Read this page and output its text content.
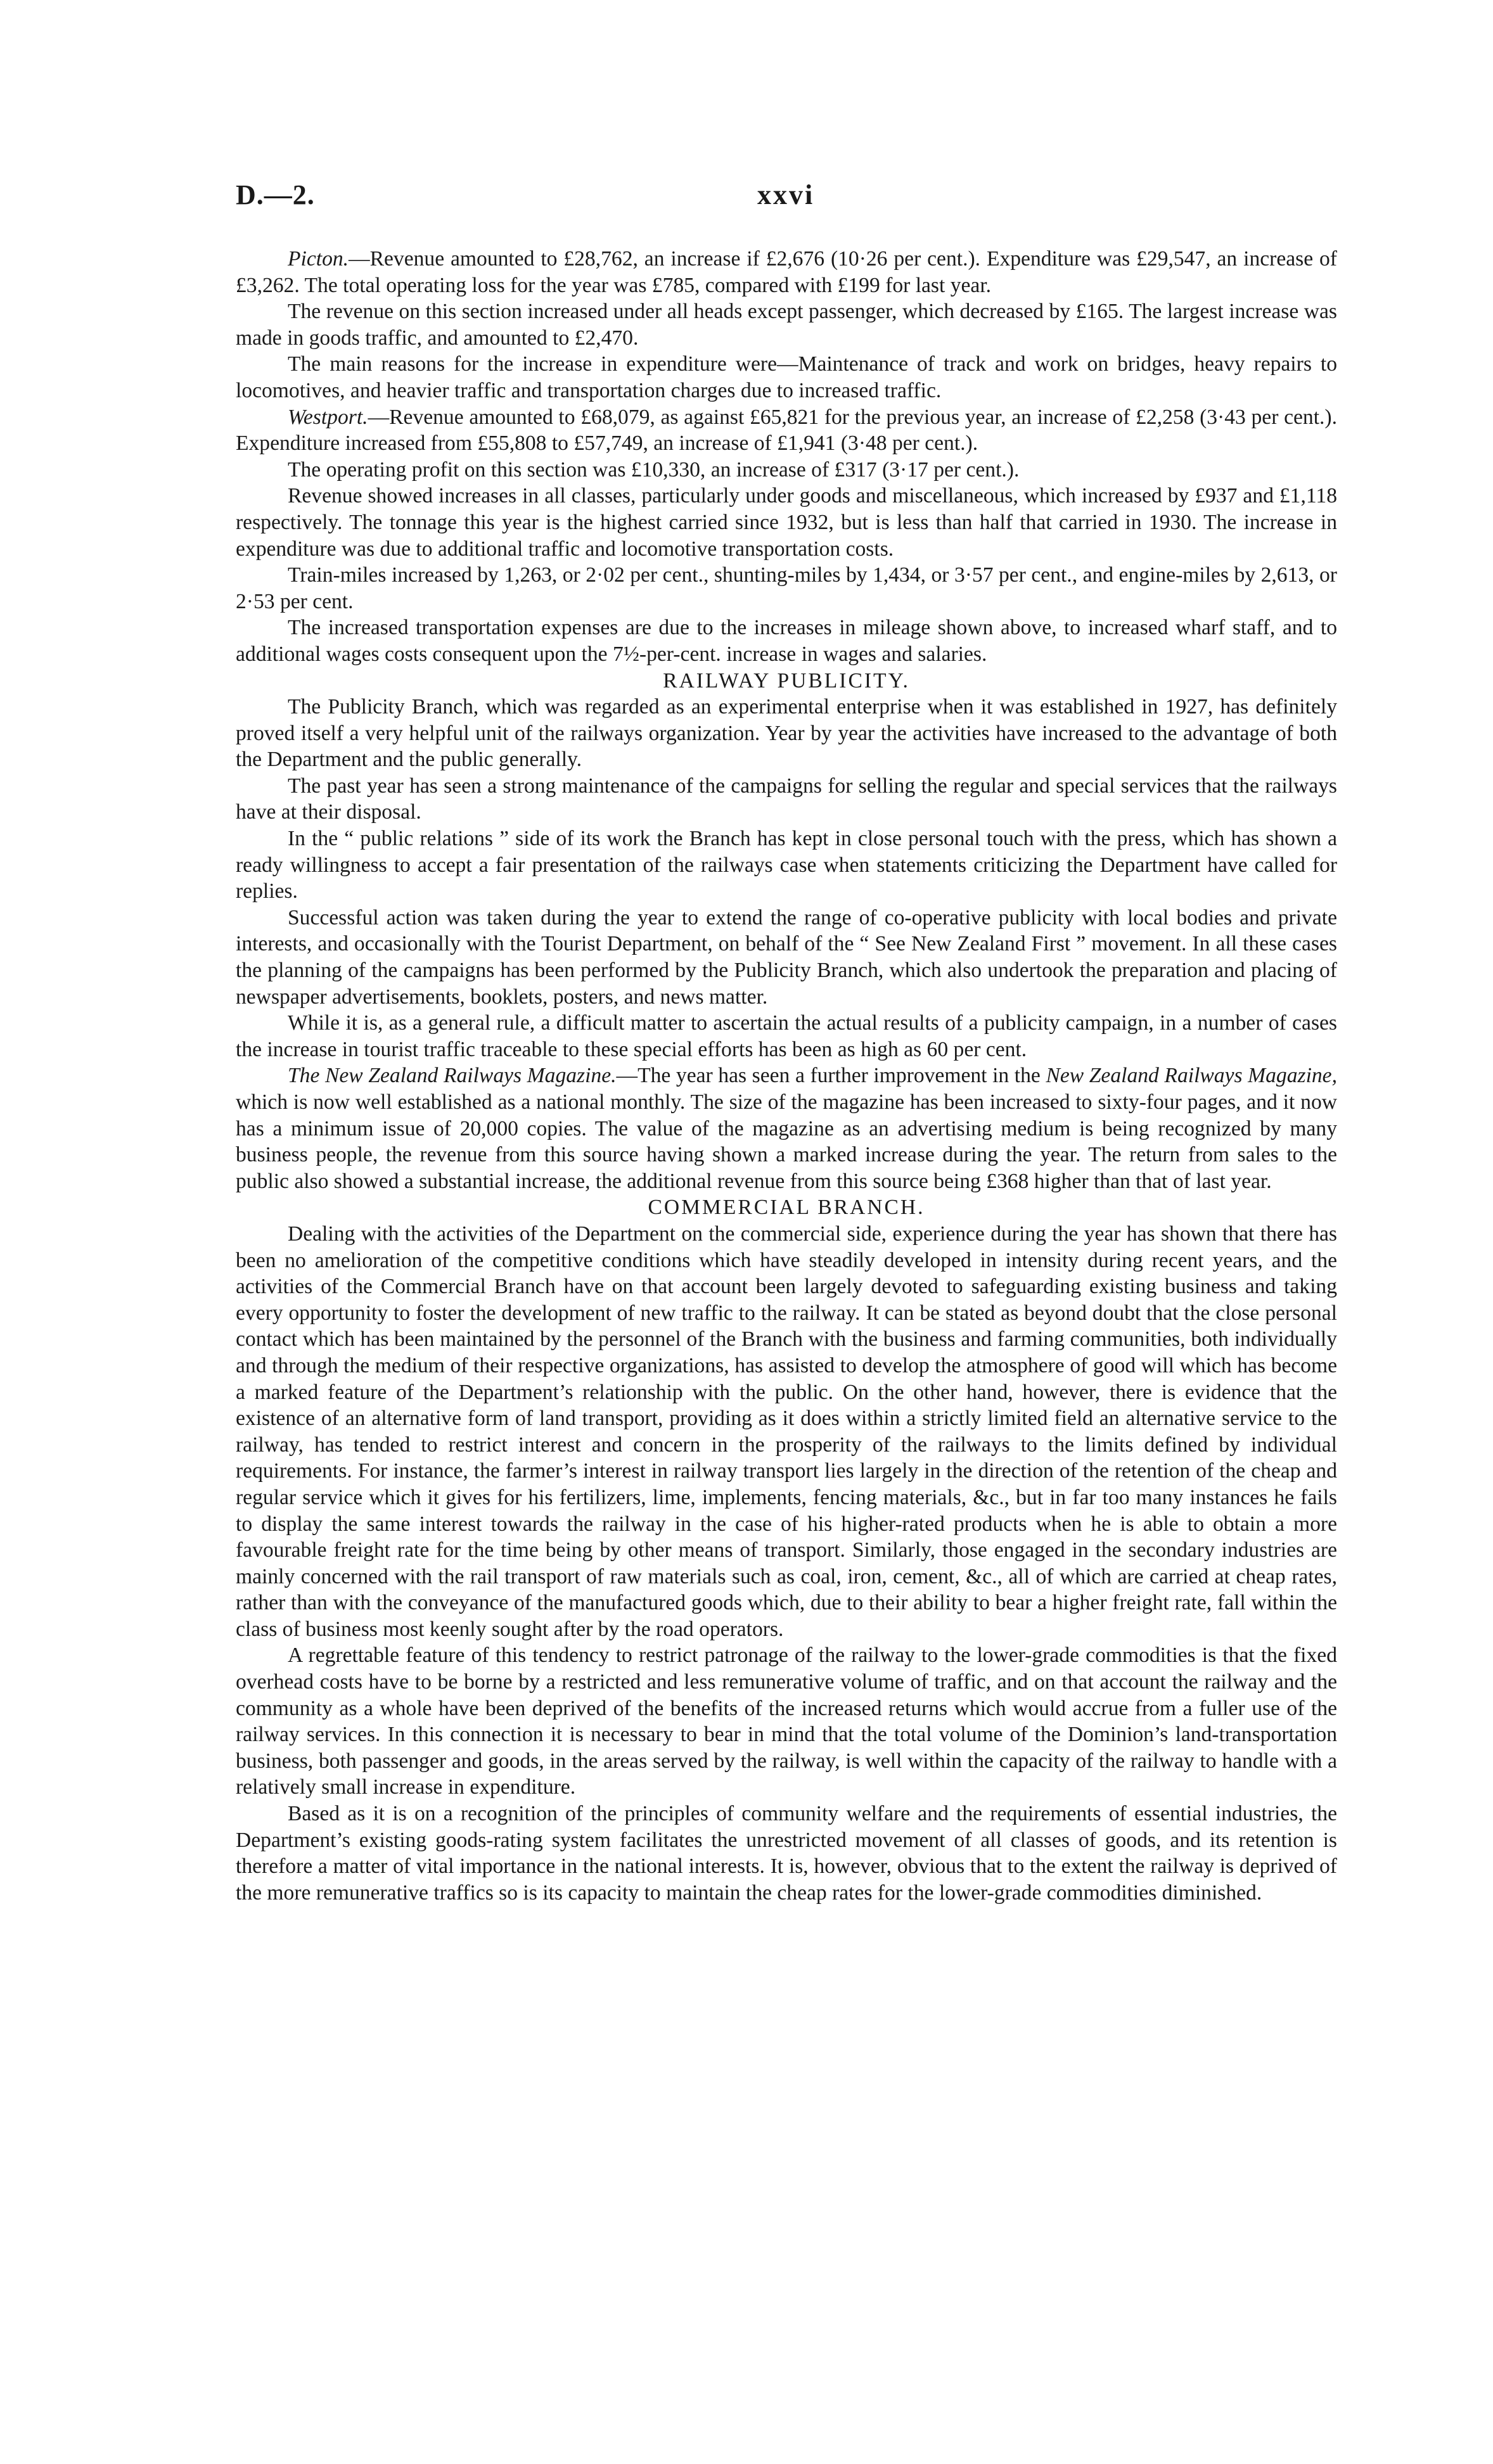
D.—2.	xxvi

Picton.—Revenue amounted to £28,762, an increase if £2,676 (10·26 per cent.). Expenditure was £29,547, an increase of £3,262. The total operating loss for the year was £785, compared with £199 for last year.

The revenue on this section increased under all heads except passenger, which decreased by £165. The largest increase was made in goods traffic, and amounted to £2,470.

The main reasons for the increase in expenditure were—Maintenance of track and work on bridges, heavy repairs to locomotives, and heavier traffic and transportation charges due to increased traffic.

Westport.—Revenue amounted to £68,079, as against £65,821 for the previous year, an increase of £2,258 (3·43 per cent.). Expenditure increased from £55,808 to £57,749, an increase of £1,941 (3·48 per cent.).

The operating profit on this section was £10,330, an increase of £317 (3·17 per cent.).

Revenue showed increases in all classes, particularly under goods and miscellaneous, which increased by £937 and £1,118 respectively. The tonnage this year is the highest carried since 1932, but is less than half that carried in 1930. The increase in expenditure was due to additional traffic and locomotive transportation costs.

Train-miles increased by 1,263, or 2·02 per cent., shunting-miles by 1,434, or 3·57 per cent., and engine-miles by 2,613, or 2·53 per cent.

The increased transportation expenses are due to the increases in mileage shown above, to increased wharf staff, and to additional wages costs consequent upon the 7½-per-cent. increase in wages and salaries.

RAILWAY PUBLICITY.

The Publicity Branch, which was regarded as an experimental enterprise when it was established in 1927, has definitely proved itself a very helpful unit of the railways organization. Year by year the activities have increased to the advantage of both the Department and the public generally.

The past year has seen a strong maintenance of the campaigns for selling the regular and special services that the railways have at their disposal.

In the “ public relations ” side of its work the Branch has kept in close personal touch with the press, which has shown a ready willingness to accept a fair presentation of the railways case when statements criticizing the Department have called for replies.

Successful action was taken during the year to extend the range of co-operative publicity with local bodies and private interests, and occasionally with the Tourist Department, on behalf of the “ See New Zealand First ” movement. In all these cases the planning of the campaigns has been performed by the Publicity Branch, which also undertook the preparation and placing of newspaper advertisements, booklets, posters, and news matter.

While it is, as a general rule, a difficult matter to ascertain the actual results of a publicity campaign, in a number of cases the increase in tourist traffic traceable to these special efforts has been as high as 60 per cent.

The New Zealand Railways Magazine.—The year has seen a further improvement in the New Zealand Railways Magazine, which is now well established as a national monthly. The size of the magazine has been increased to sixty-four pages, and it now has a minimum issue of 20,000 copies. The value of the magazine as an advertising medium is being recognized by many business people, the revenue from this source having shown a marked increase during the year. The return from sales to the public also showed a substantial increase, the additional revenue from this source being £368 higher than that of last year.

COMMERCIAL BRANCH.

Dealing with the activities of the Department on the commercial side, experience during the year has shown that there has been no amelioration of the competitive conditions which have steadily developed in intensity during recent years, and the activities of the Commercial Branch have on that account been largely devoted to safeguarding existing business and taking every opportunity to foster the development of new traffic to the railway. It can be stated as beyond doubt that the close personal contact which has been maintained by the personnel of the Branch with the business and farming communities, both individually and through the medium of their respective organizations, has assisted to develop the atmosphere of good will which has become a marked feature of the Department’s relationship with the public. On the other hand, however, there is evidence that the existence of an alternative form of land transport, providing as it does within a strictly limited field an alternative service to the railway, has tended to restrict interest and concern in the prosperity of the railways to the limits defined by individual requirements. For instance, the farmer’s interest in railway transport lies largely in the direction of the retention of the cheap and regular service which it gives for his fertilizers, lime, implements, fencing materials, &c., but in far too many instances he fails to display the same interest towards the railway in the case of his higher-rated products when he is able to obtain a more favourable freight rate for the time being by other means of transport. Similarly, those engaged in the secondary industries are mainly concerned with the rail transport of raw materials such as coal, iron, cement, &c., all of which are carried at cheap rates, rather than with the conveyance of the manufactured goods which, due to their ability to bear a higher freight rate, fall within the class of business most keenly sought after by the road operators.

A regrettable feature of this tendency to restrict patronage of the railway to the lower-grade commodities is that the fixed overhead costs have to be borne by a restricted and less remunerative volume of traffic, and on that account the railway and the community as a whole have been deprived of the benefits of the increased returns which would accrue from a fuller use of the railway services. In this connection it is necessary to bear in mind that the total volume of the Dominion’s land-transportation business, both passenger and goods, in the areas served by the railway, is well within the capacity of the railway to handle with a relatively small increase in expenditure.

Based as it is on a recognition of the principles of community welfare and the requirements of essential industries, the Department’s existing goods-rating system facilitates the unrestricted movement of all classes of goods, and its retention is therefore a matter of vital importance in the national interests. It is, however, obvious that to the extent the railway is deprived of the more remunerative traffics so is its capacity to maintain the cheap rates for the lower-grade commodities diminished.
